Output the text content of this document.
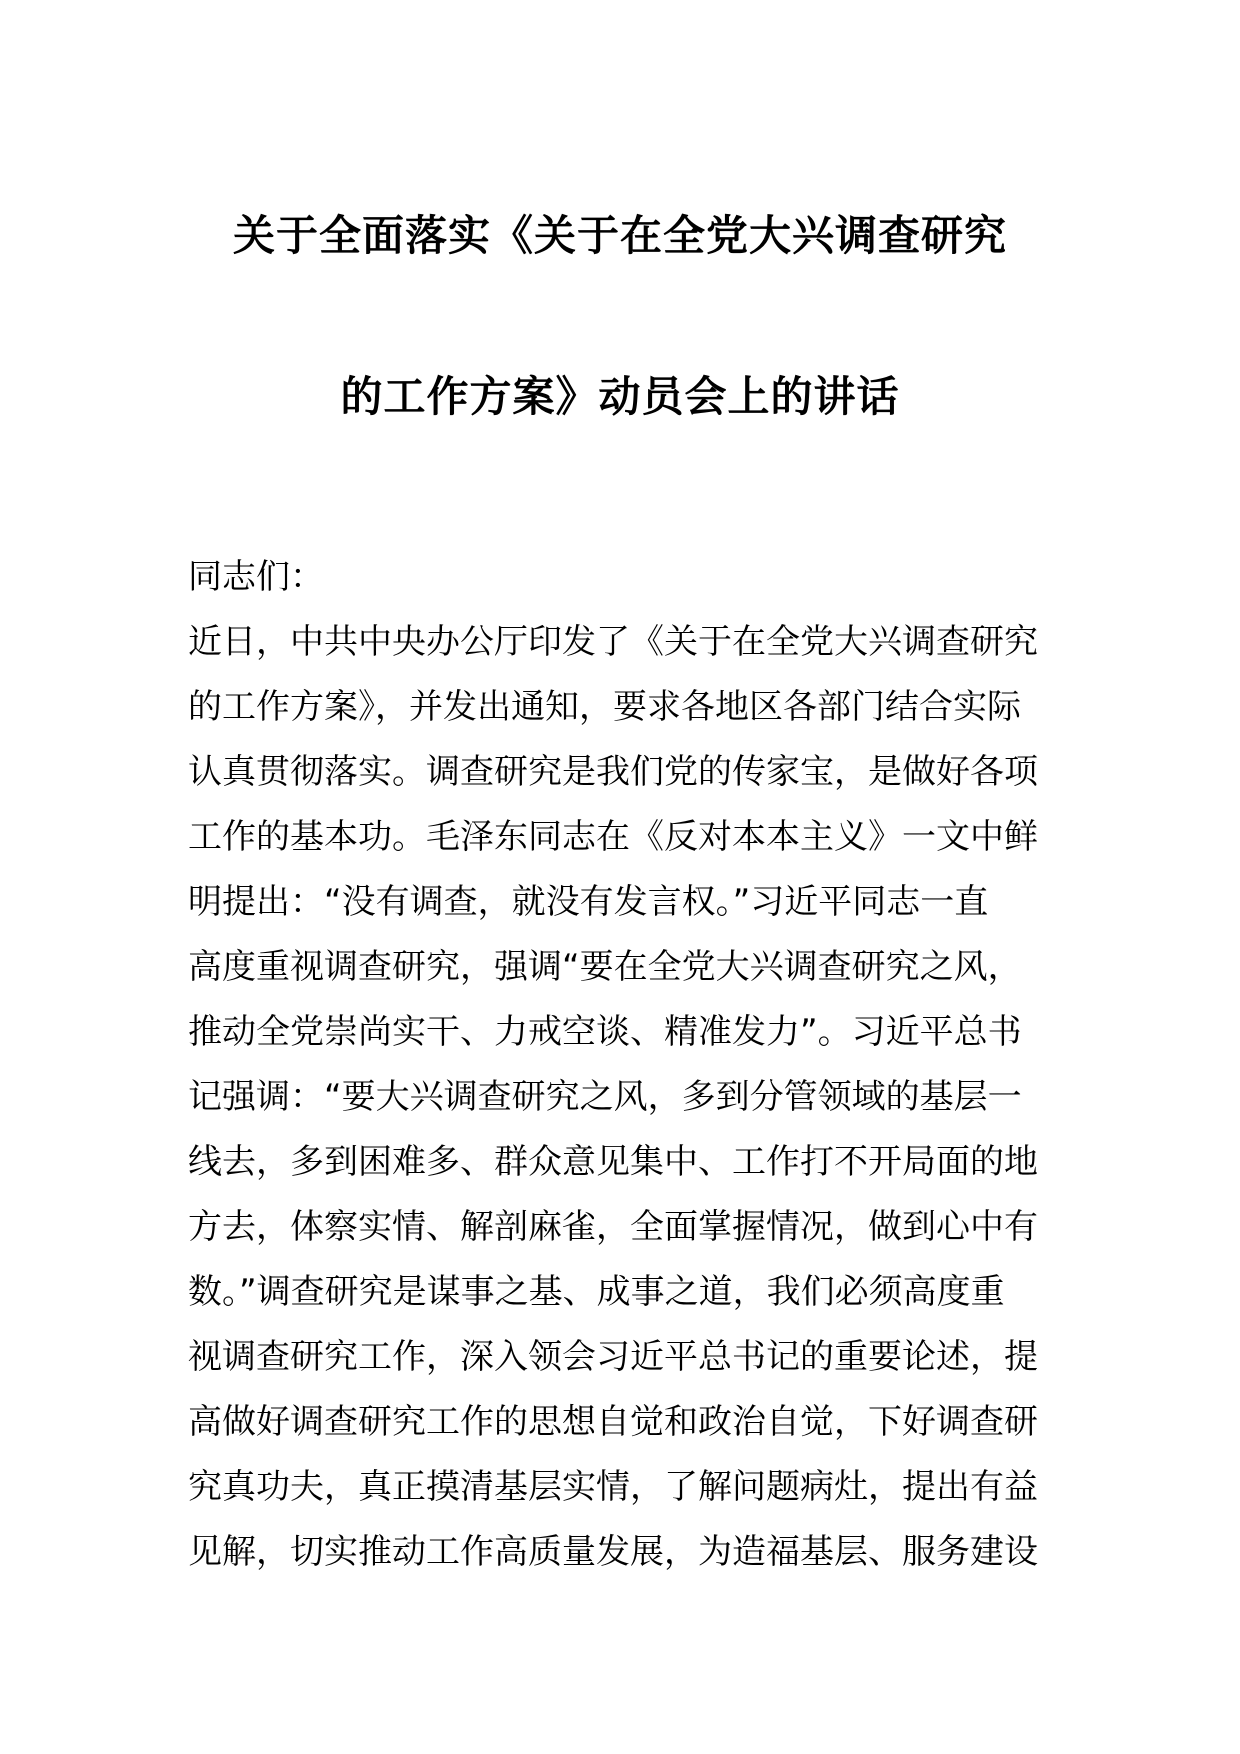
关于全面落实《关于在全党大兴调查研究
的工作方案》动员会上的讲话
同志们：
近日，中共中央办公厅印发了《关于在全党大兴调查研究
的工作方案》，并发出通知，要求各地区各部门结合实际
认真贯彻落实。调查研究是我们党的传家宝，是做好各项
工作的基本功。毛泽东同志在《反对本本主义》一文中鲜
明提出：“没有调查，就没有发言权。”习近平同志一直
高度重视调查研究，强调“要在全党大兴调查研究之风，
推动全党崇尚实干、力戒空谈、精准发力”。习近平总书
记强调：“要大兴调查研究之风，多到分管领域的基层一
线去，多到困难多、群众意见集中、工作打不开局面的地
方去，体察实情、解剖麻雀，全面掌握情况，做到心中有
数。”调查研究是谋事之基、成事之道，我们必须高度重
视调查研究工作，深入领会习近平总书记的重要论述，提
高做好调查研究工作的思想自觉和政治自觉，下好调查研
究真功夫，真正摸清基层实情，了解问题病灶，提出有益
见解，切实推动工作高质量发展，为造福基层、服务建设
